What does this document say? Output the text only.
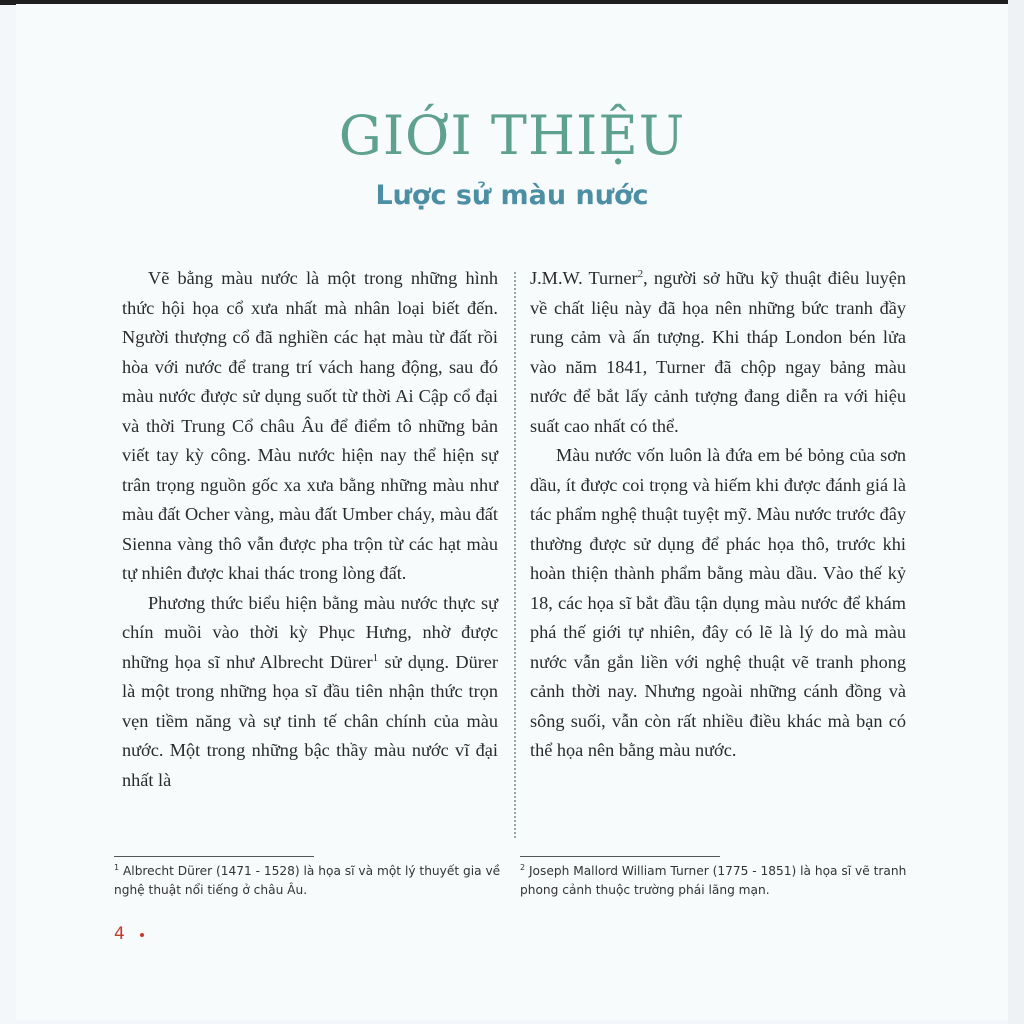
GIỚI THIỆU
Lược sử màu nước

Vẽ bằng màu nước là một trong những hình thức hội họa cổ xưa nhất mà nhân loại biết đến. Người thượng cổ đã nghiền các hạt màu từ đất rồi hòa với nước để trang trí vách hang động, sau đó màu nước được sử dụng suốt từ thời Ai Cập cổ đại và thời Trung Cổ châu Âu để điểm tô những bản viết tay kỳ công. Màu nước hiện nay thể hiện sự trân trọng nguồn gốc xa xưa bằng những màu như màu đất Ocher vàng, màu đất Umber cháy, màu đất Sienna vàng thô vẫn được pha trộn từ các hạt màu tự nhiên được khai thác trong lòng đất.

Phương thức biểu hiện bằng màu nước thực sự chín muồi vào thời kỳ Phục Hưng, nhờ được những họa sĩ như Albrecht Dürer$^1$ sử dụng. Dürer là một trong những họa sĩ đầu tiên nhận thức trọn vẹn tiềm năng và sự tinh tế chân chính của màu nước. Một trong những bậc thầy màu nước vĩ đại nhất là

J.M.W. Turner$^2$, người sở hữu kỹ thuật điêu luyện về chất liệu này đã họa nên những bức tranh đầy rung cảm và ấn tượng. Khi tháp London bén lửa vào năm 1841, Turner đã chộp ngay bảng màu nước để bắt lấy cảnh tượng đang diễn ra với hiệu suất cao nhất có thể.

Màu nước vốn luôn là đứa em bé bỏng của sơn dầu, ít được coi trọng và hiếm khi được đánh giá là tác phẩm nghệ thuật tuyệt mỹ. Màu nước trước đây thường được sử dụng để phác họa thô, trước khi hoàn thiện thành phẩm bằng màu dầu. Vào thế kỷ 18, các họa sĩ bắt đầu tận dụng màu nước để khám phá thế giới tự nhiên, đây có lẽ là lý do mà màu nước vẫn gắn liền với nghệ thuật vẽ tranh phong cảnh thời nay. Nhưng ngoài những cánh đồng và sông suối, vẫn còn rất nhiều điều khác mà bạn có thể họa nên bằng màu nước.

$^1$ Albrecht Dürer (1471 - 1528) là họa sĩ và một lý thuyết gia về nghệ thuật nổi tiếng ở châu Âu.
$^2$ Joseph Mallord William Turner (1775 - 1851) là họa sĩ vẽ tranh phong cảnh thuộc trường phái lãng mạn.
4
